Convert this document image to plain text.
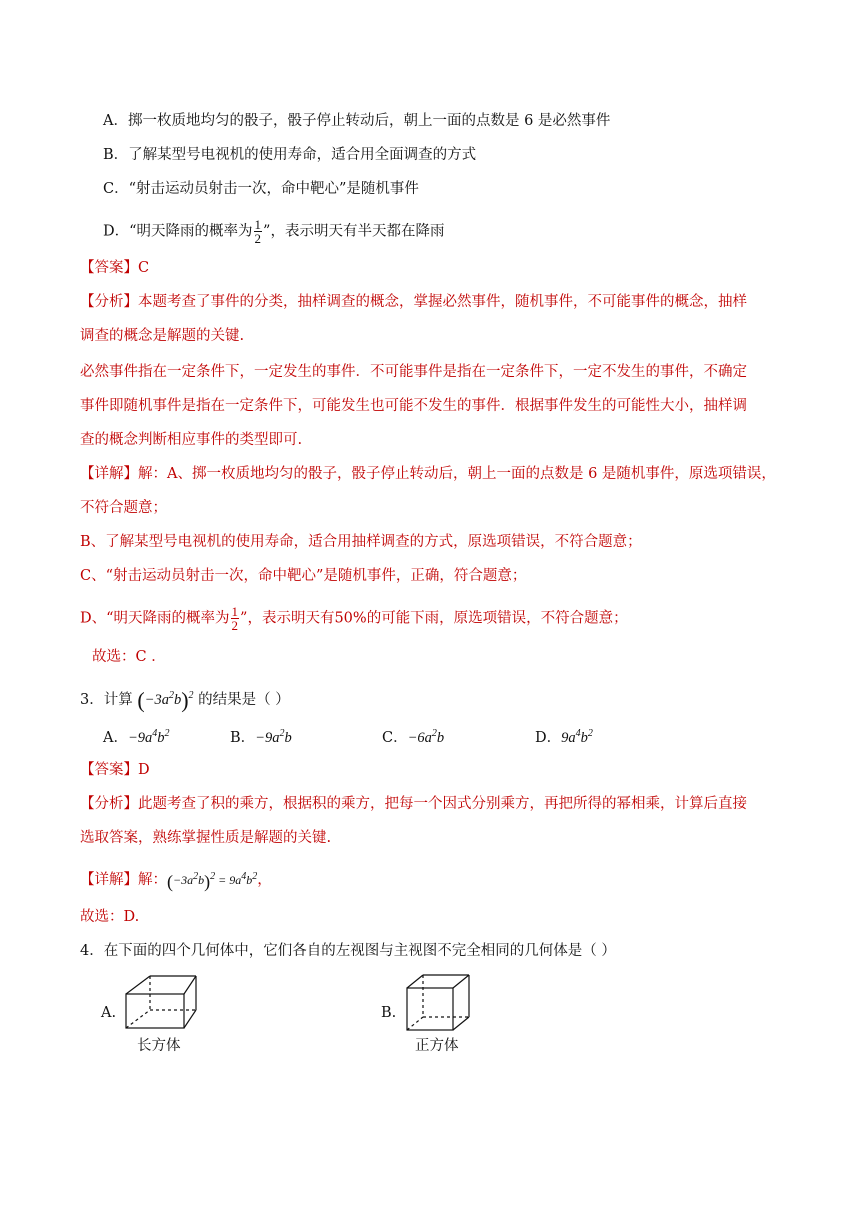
A．掷一枚质地均匀的骰子，骰子停止转动后，朝上一面的点数是 6 是必然事件
B．了解某型号电视机的使用寿命，适合用全面调查的方式
C．“射击运动员射击一次，命中靶心”是随机事件
D．“明天降雨的概率为 $\frac{1}{2}$ ”，表示明天有半天都在降雨
【答案】C
【分析】本题考查了事件的分类，抽样调查的概念，掌握必然事件，随机事件，不可能事件的概念，抽样
调查的概念是解题的关键.
必然事件指在一定条件下，一定发生的事件．不可能事件是指在一定条件下，一定不发生的事件，不确定
事件即随机事件是指在一定条件下，可能发生也可能不发生的事件．根据事件发生的可能性大小，抽样调
查的概念判断相应事件的类型即可.
【详解】解：A、掷一枚质地均匀的骰子，骰子停止转动后，朝上一面的点数是 6 是随机事件，原选项错误，
不符合题意；
B、了解某型号电视机的使用寿命，适合用抽样调查的方式，原选项错误，不符合题意；
C、“射击运动员射击一次，命中靶心”是随机事件，正确，符合题意；
D、“明天降雨的概率为 $\frac{1}{2}$ ”，表示明天有50%的可能下雨，原选项错误，不符合题意；
故选：C ．
3．计算 $(-3a^2b)^2$ 的结果是（ ）
A．$-9a^4b^2$	B．$-9a^2b$	C．$-6a^2b$	D．$9a^4b^2$
【答案】D
【分析】此题考查了积的乘方，根据积的乘方，把每一个因式分别乘方，再把所得的幂相乘，计算后直接
选取答案，熟练掌握性质是解题的关键.
【详解】解：$(-3a^2b)^2 = 9a^4b^2$，
故选：D.
4．在下面的四个几何体中，它们各自的左视图与主视图不完全相同的几何体是（ ）
A.
长方体
B.
正方体
